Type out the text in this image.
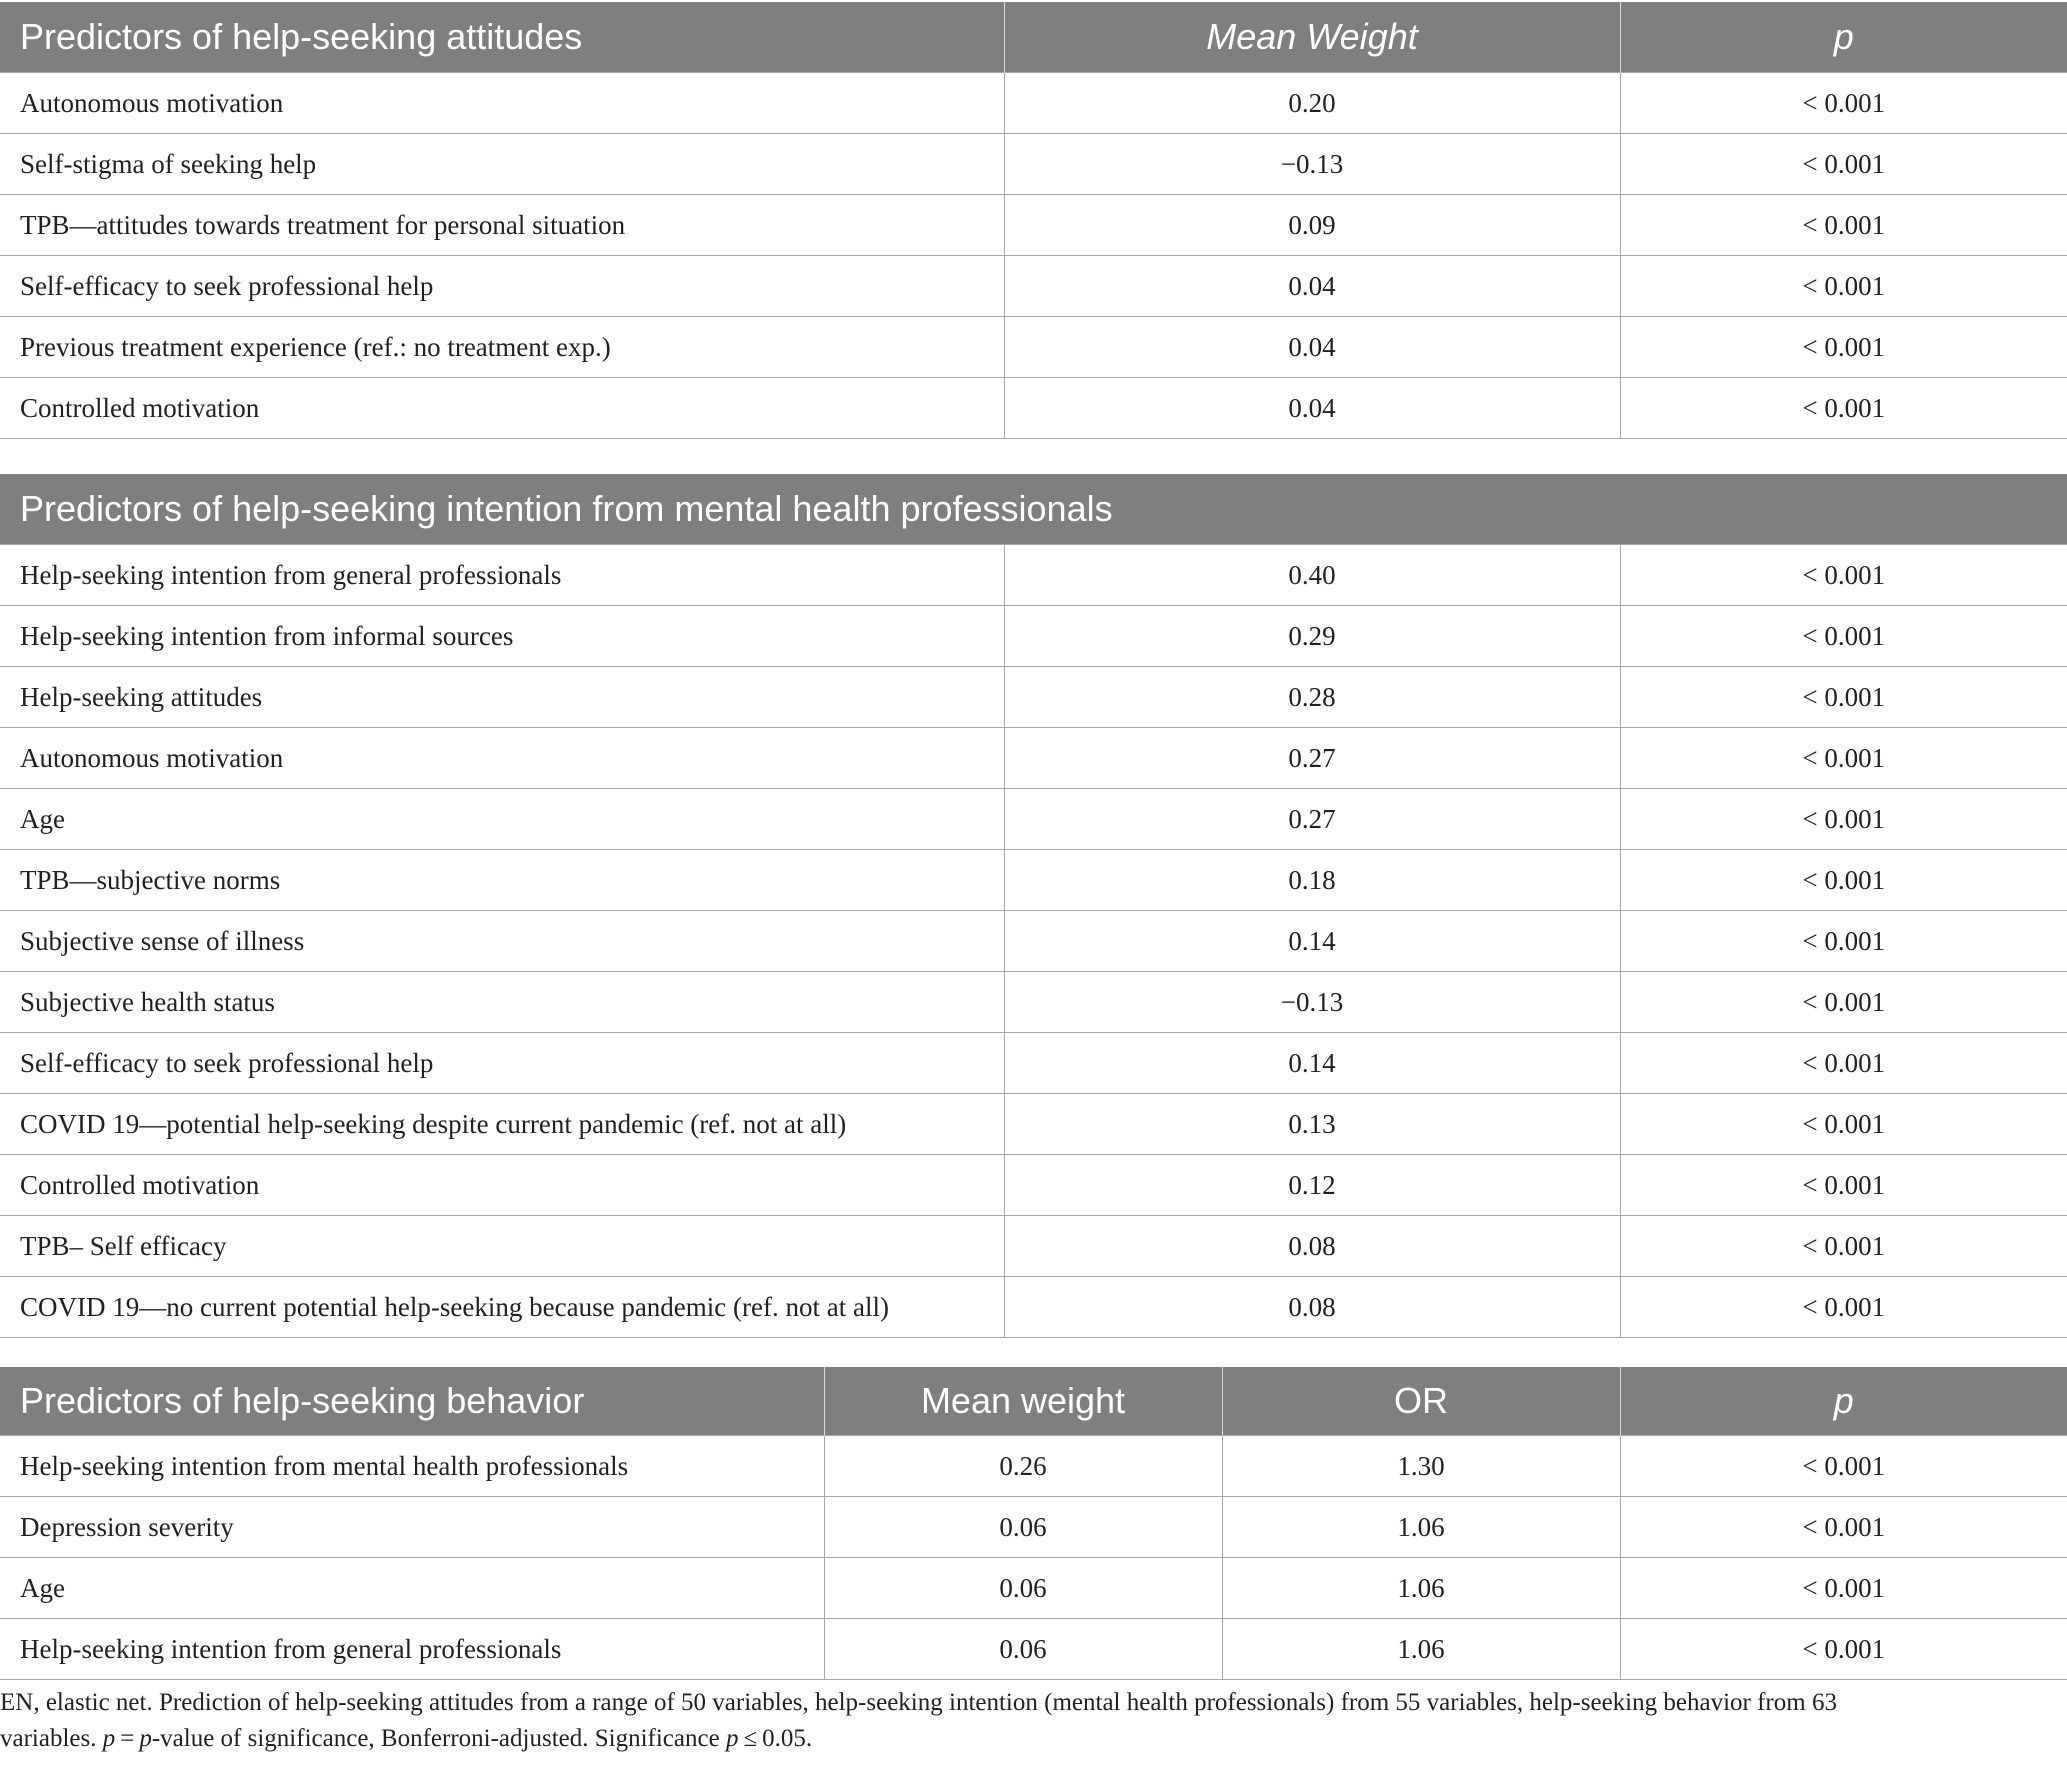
Predictors of help-seeking attitudes	Mean Weight	p
Autonomous motivation	0.20	< 0.001
Self-stigma of seeking help	−0.13	< 0.001
TPB—attitudes towards treatment for personal situation	0.09	< 0.001
Self-efficacy to seek professional help	0.04	< 0.001
Previous treatment experience (ref.: no treatment exp.)	0.04	< 0.001
Controlled motivation	0.04	< 0.001
Predictors of help-seeking intention from mental health professionals		
Help-seeking intention from general professionals	0.40	< 0.001
Help-seeking intention from informal sources	0.29	< 0.001
Help-seeking attitudes	0.28	< 0.001
Autonomous motivation	0.27	< 0.001
Age	0.27	< 0.001
TPB—subjective norms	0.18	< 0.001
Subjective sense of illness	0.14	< 0.001
Subjective health status	−0.13	< 0.001
Self-efficacy to seek professional help	0.14	< 0.001
COVID 19—potential help-seeking despite current pandemic (ref. not at all)	0.13	< 0.001
Controlled motivation	0.12	< 0.001
TPB– Self efficacy	0.08	< 0.001
COVID 19—no current potential help-seeking because pandemic (ref. not at all)	0.08	< 0.001
Predictors of help-seeking behavior	Mean weight	OR	p
Help-seeking intention from mental health professionals	0.26	1.30	< 0.001
Depression severity	0.06	1.06	< 0.001
Age	0.06	1.06	< 0.001
Help-seeking intention from general professionals	0.06	1.06	< 0.001
EN, elastic net. Prediction of help-seeking attitudes from a range of 50 variables, help-seeking intention (mental health professionals) from 55 variables, help-seeking behavior from 63
variables. p = p-value of significance, Bonferroni-adjusted. Significance p ≤ 0.05.
